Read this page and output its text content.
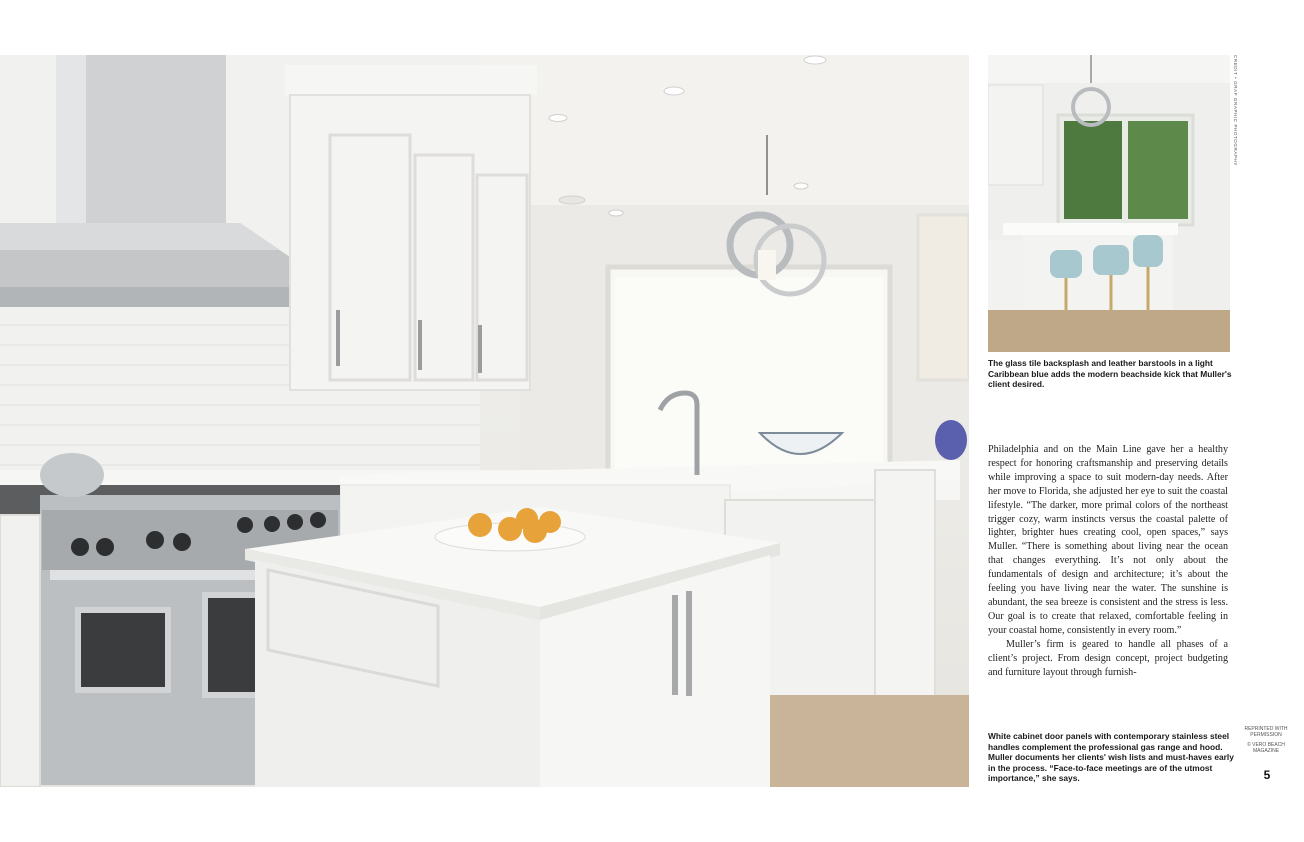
CREDIT • GRAF GRAPHIC PHOTOGRAPHY
The glass tile backsplash and leather barstools in a light Caribbean blue adds the modern beachside kick that Muller's client desired.

Philadelphia and on the Main Line gave her a healthy respect for honoring craftsmanship and preserving details while improving a space to suit modern-day needs. After her move to Florida, she adjusted her eye to suit the coastal lifestyle. “The darker, more primal colors of the northeast trigger cozy, warm instincts versus the coastal palette of lighter, brighter hues creating cool, open spaces,” says Muller. “There is something about living near the ocean that changes everything. It’s not only about the fundamentals of design and architecture; it’s about the feeling you have living near the water. The sunshine is abundant, the sea breeze is consistent and the stress is less. Our goal is to create that relaxed, comfortable feeling in your coastal home, consistently in every room.”

Muller’s firm is geared to handle all phases of a client’s project. From design concept, project budgeting and furniture layout through furnish-

White cabinet door panels with contemporary stainless steel handles complement the professional gas range and hood. Muller documents her clients' wish lists and must-haves early in the process. “Face-to-face meetings are of the utmost importance,” she says.
REPRINTED WITH PERMISSION
© VERO BEACH MAGAZINE
5
